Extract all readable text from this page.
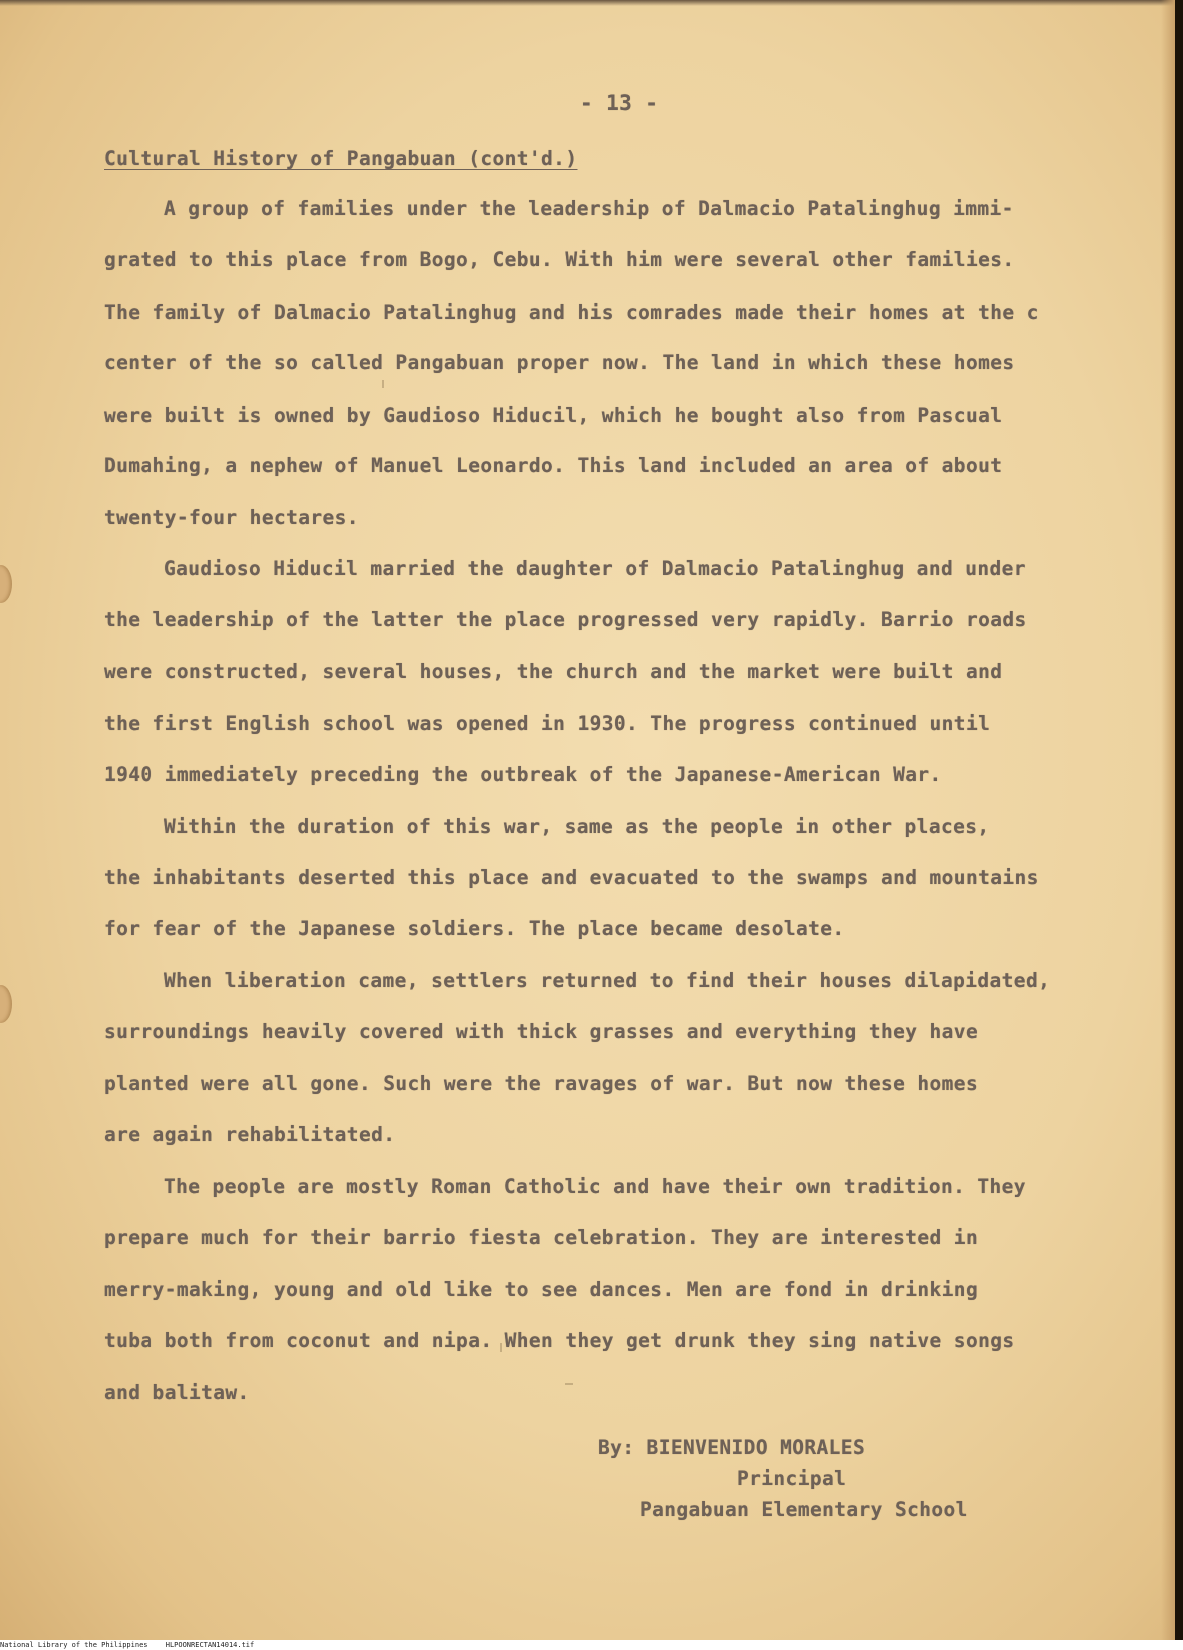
- 13 -
Cultural History of Pangabuan (cont'd.)
A group of families under the leadership of Dalmacio Patalinghug immi-
grated to this place from Bogo, Cebu. With him were several other families.
The family of Dalmacio Patalinghug and his comrades made their homes at the c
center of the so called Pangabuan proper now. The land in which these homes
were built is owned by Gaudioso Hiducil, which he bought also from Pascual
Dumahing, a nephew of Manuel Leonardo. This land included an area of about
twenty-four hectares.
Gaudioso Hiducil married the daughter of Dalmacio Patalinghug and under
the leadership of the latter the place progressed very rapidly. Barrio roads
were constructed, several houses, the church and the market were built and
the first English school was opened in 1930. The progress continued until
1940 immediately preceding the outbreak of the Japanese-American War.
Within the duration of this war, same as the people in other places,
the inhabitants deserted this place and evacuated to the swamps and mountains
for fear of the Japanese soldiers. The place became desolate.
When liberation came, settlers returned to find their houses dilapidated,
surroundings heavily covered with thick grasses and everything they have
planted were all gone. Such were the ravages of war. But now these homes
are again rehabilitated.
The people are mostly Roman Catholic and have their own tradition. They
prepare much for their barrio fiesta celebration. They are interested in
merry-making, young and old like to see dances. Men are fond in drinking
tuba both from coconut and nipa. When they get drunk they sing native songs
and balitaw.
By: BIENVENIDO MORALES
Principal
Pangabuan Elementary School
National Library of the Philippines	HLPOONRECTAN14014.tif
